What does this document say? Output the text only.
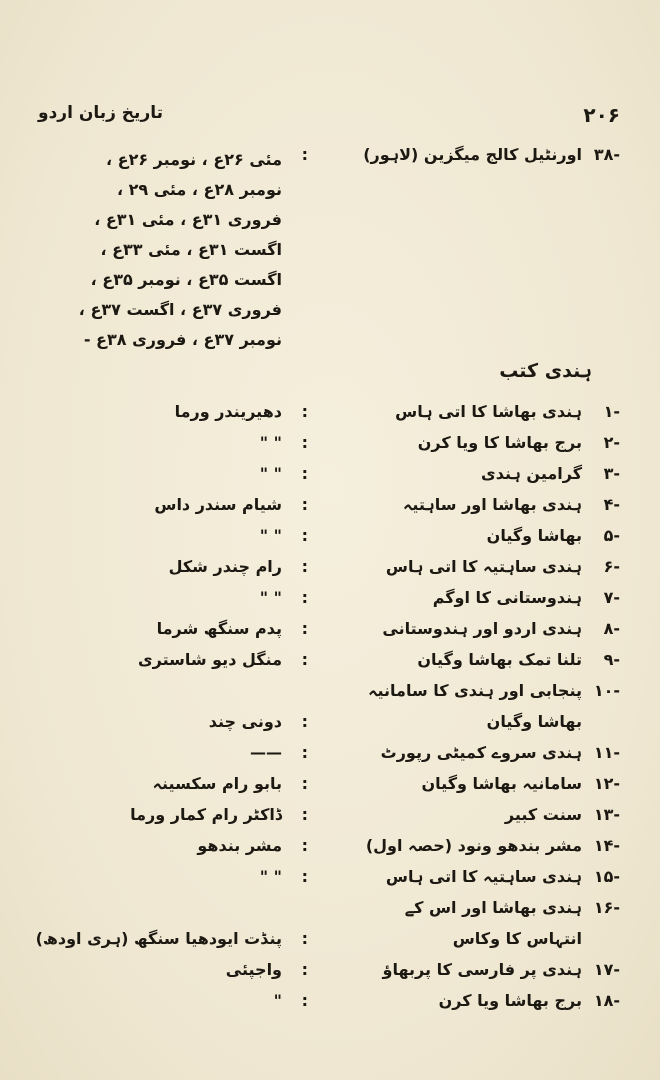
تاریخ زبان اردو	۲۰۶
-۳۸
اورنٹیل کالج میگزین (لاہور)
:
مئی ۲۶ع ، نومبر ۲۶ع ،
نومبر ۲۸ع ، مئی ۲۹ ،
فروری ۳۱ع ، مئی ۳۱ع ،
اگست ۳۱ع ، مئی ۳۳ع ،
اگست ۳۵ع ، نومبر ۳۵ع ،
فروری ۳۷ع ، اگست ۳۷ع ،
نومبر ۳۷ع ، فروری ۳۸ع -
ہندی کتب
-۱
ہندی بھاشا کا اتی ہاس
:
دھیریندر ورما
-۲
برج بھاشا کا ویا کرن
:
" "
-۳
گرامین ہندی
:
" "
-۴
ہندی بھاشا اور ساہتیہ
:
شیام سندر داس
-۵
بھاشا وگیان
:
" "
-۶
ہندی ساہتیہ کا اتی ہاس
:
رام چندر شکل
-۷
ہندوستانی کا اوگم
:
" "
-۸
ہندی اردو اور ہندوستانی
:
پدم سنگھ شرما
-۹
تلنا تمک بھاشا وگیان
:
منگل دیو شاستری
-۱۰
پنجابی اور ہندی کا سامانیہ
بھاشا وگیان
:
دونی چند
-۱۱
ہندی سروے کمیٹی رپورٹ
:
——
-۱۲
سامانیہ بھاشا وگیان
:
بابو رام سکسینہ
-۱۳
سنت کبیر
:
ڈاکٹر رام کمار ورما
-۱۴
مشر بندھو ونود (حصہ اول)
:
مشر بندھو
-۱۵
ہندی ساہتیہ کا اتی ہاس
:
" "
-۱۶
ہندی بھاشا اور اس کے
انتہاس کا وکاس
:
پنڈت ایودھیا سنگھ (ہری اودھ)
-۱۷
ہندی پر فارسی کا پربھاؤ
:
واجپئی
-۱۸
برج بھاشا ویا کرن
:
"
